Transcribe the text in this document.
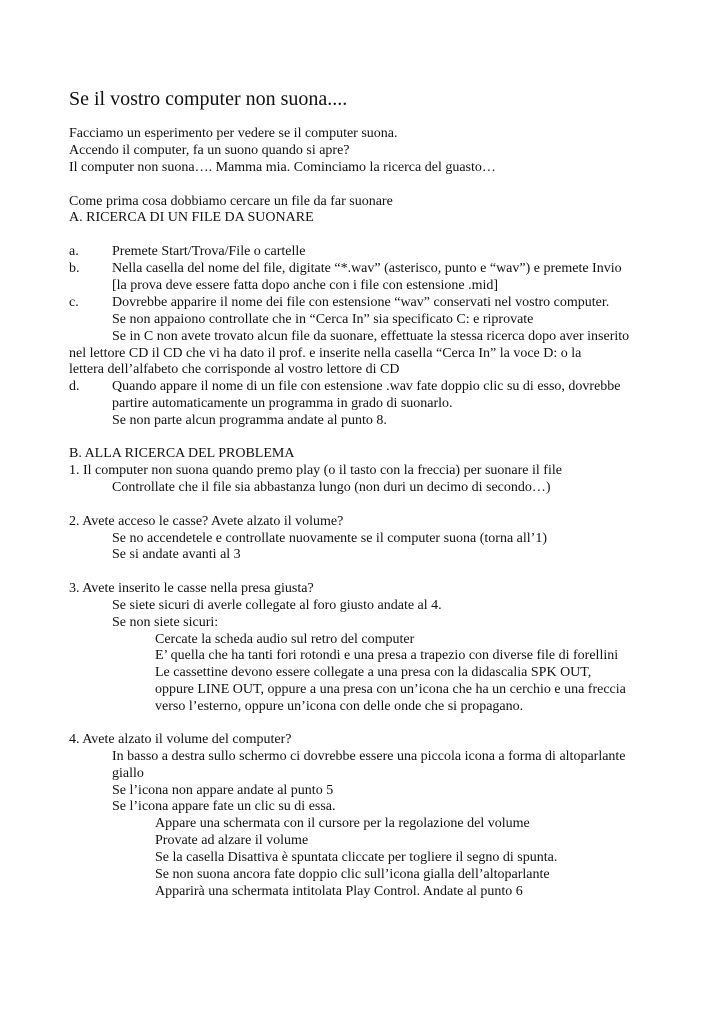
Se il vostro computer non suona....
Facciamo un esperimento per vedere se il computer suona.
Accendo il computer, fa un suono quando si apre?
Il computer non suona…. Mamma mia. Cominciamo la ricerca del guasto…
Come prima cosa dobbiamo cercare un file da far suonare
A. RICERCA DI UN FILE DA SUONARE
a. Premete Start/Trova/File o cartelle
b. Nella casella del nome del file, digitate “*.wav” (asterisco, punto e “wav”) e premete Invio
[la prova deve essere fatta dopo anche con i file con estensione .mid]
c. Dovrebbe apparire il nome dei file con estensione “wav” conservati nel vostro computer.
Se non appaiono controllate che in “Cerca In” sia specificato C: e riprovate
Se in C non avete trovato alcun file da suonare, effettuate la stessa ricerca dopo aver inserito
nel lettore CD il CD che vi ha dato il prof. e inserite nella casella “Cerca In” la voce D: o la
lettera dell’alfabeto che corrisponde al vostro lettore di CD
d. Quando appare il nome di un file con estensione .wav fate doppio clic su di esso, dovrebbe
partire automaticamente un programma in grado di suonarlo.
Se non parte alcun programma andate al punto 8.
B. ALLA RICERCA DEL PROBLEMA
1. Il computer non suona quando premo play (o il tasto con la freccia) per suonare il file
Controllate che il file sia abbastanza lungo (non duri un decimo di secondo…)
2. Avete acceso le casse? Avete alzato il volume?
Se no accendetele e controllate nuovamente se il computer suona (torna all’1)
Se si andate avanti al 3
3. Avete inserito le casse nella presa giusta?
Se siete sicuri di averle collegate al foro giusto andate al 4.
Se non siete sicuri:
Cercate la scheda audio sul retro del computer
E’ quella che ha tanti fori rotondi e una presa a trapezio con diverse file di forellini
Le cassettine devono essere collegate a una presa con la didascalia SPK OUT,
oppure LINE OUT, oppure a una presa con un’icona che ha un cerchio e una freccia
verso l’esterno, oppure un’icona con delle onde che si propagano.
4. Avete alzato il volume del computer?
In basso a destra sullo schermo ci dovrebbe essere una piccola icona a forma di altoparlante
giallo
Se l’icona non appare andate al punto 5
Se l’icona appare fate un clic su di essa.
Appare una schermata con il cursore per la regolazione del volume
Provate ad alzare il volume
Se la casella Disattiva è spuntata cliccate per togliere il segno di spunta.
Se non suona ancora fate doppio clic sull’icona gialla dell’altoparlante
Apparirà una schermata intitolata Play Control. Andate al punto 6
